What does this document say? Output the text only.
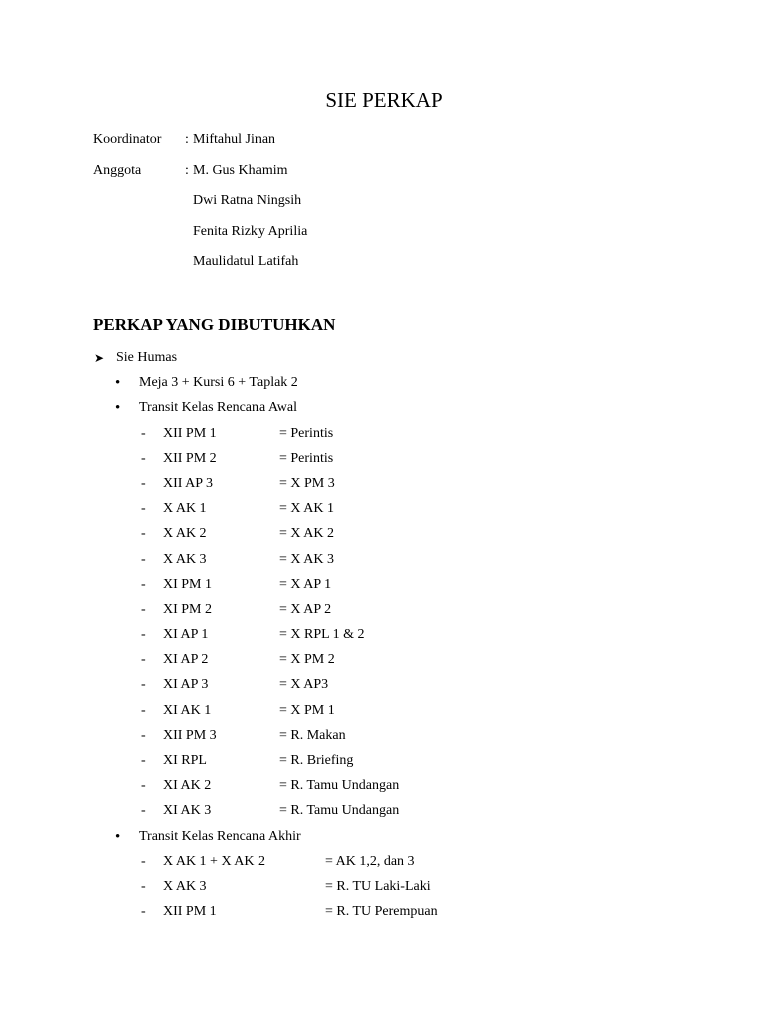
SIE PERKAP
Koordinator : Miftahul Jinan
Anggota	: M. Gus Khamim
Dwi Ratna Ningsih
Fenita Rizky Aprilia
Maulidatul Latifah
PERKAP YANG DIBUTUHKAN
➤ Sie Humas
• Meja 3 + Kursi 6 + Taplak 2
• Transit Kelas Rencana Awal
- XII PM 1	= Perintis
- XII PM 2	= Perintis
- XII AP 3	= X PM 3
- X AK 1	= X AK 1
- X AK 2	= X AK 2
- X AK 3	= X AK 3
- XI PM 1	= X AP 1
- XI PM 2	= X AP 2
- XI AP 1	= X RPL 1 & 2
- XI AP 2	= X PM 2
- XI AP 3	= X AP3
- XI AK 1	= X PM 1
- XII PM 3	= R. Makan
- XI RPL	= R. Briefing
- XI AK 2	= R. Tamu Undangan
- XI AK 3	= R. Tamu Undangan
• Transit Kelas Rencana Akhir
- X AK 1 + X AK 2	= AK 1,2, dan 3
- X AK 3	= R. TU Laki-Laki
- XII PM 1	= R. TU Perempuan
